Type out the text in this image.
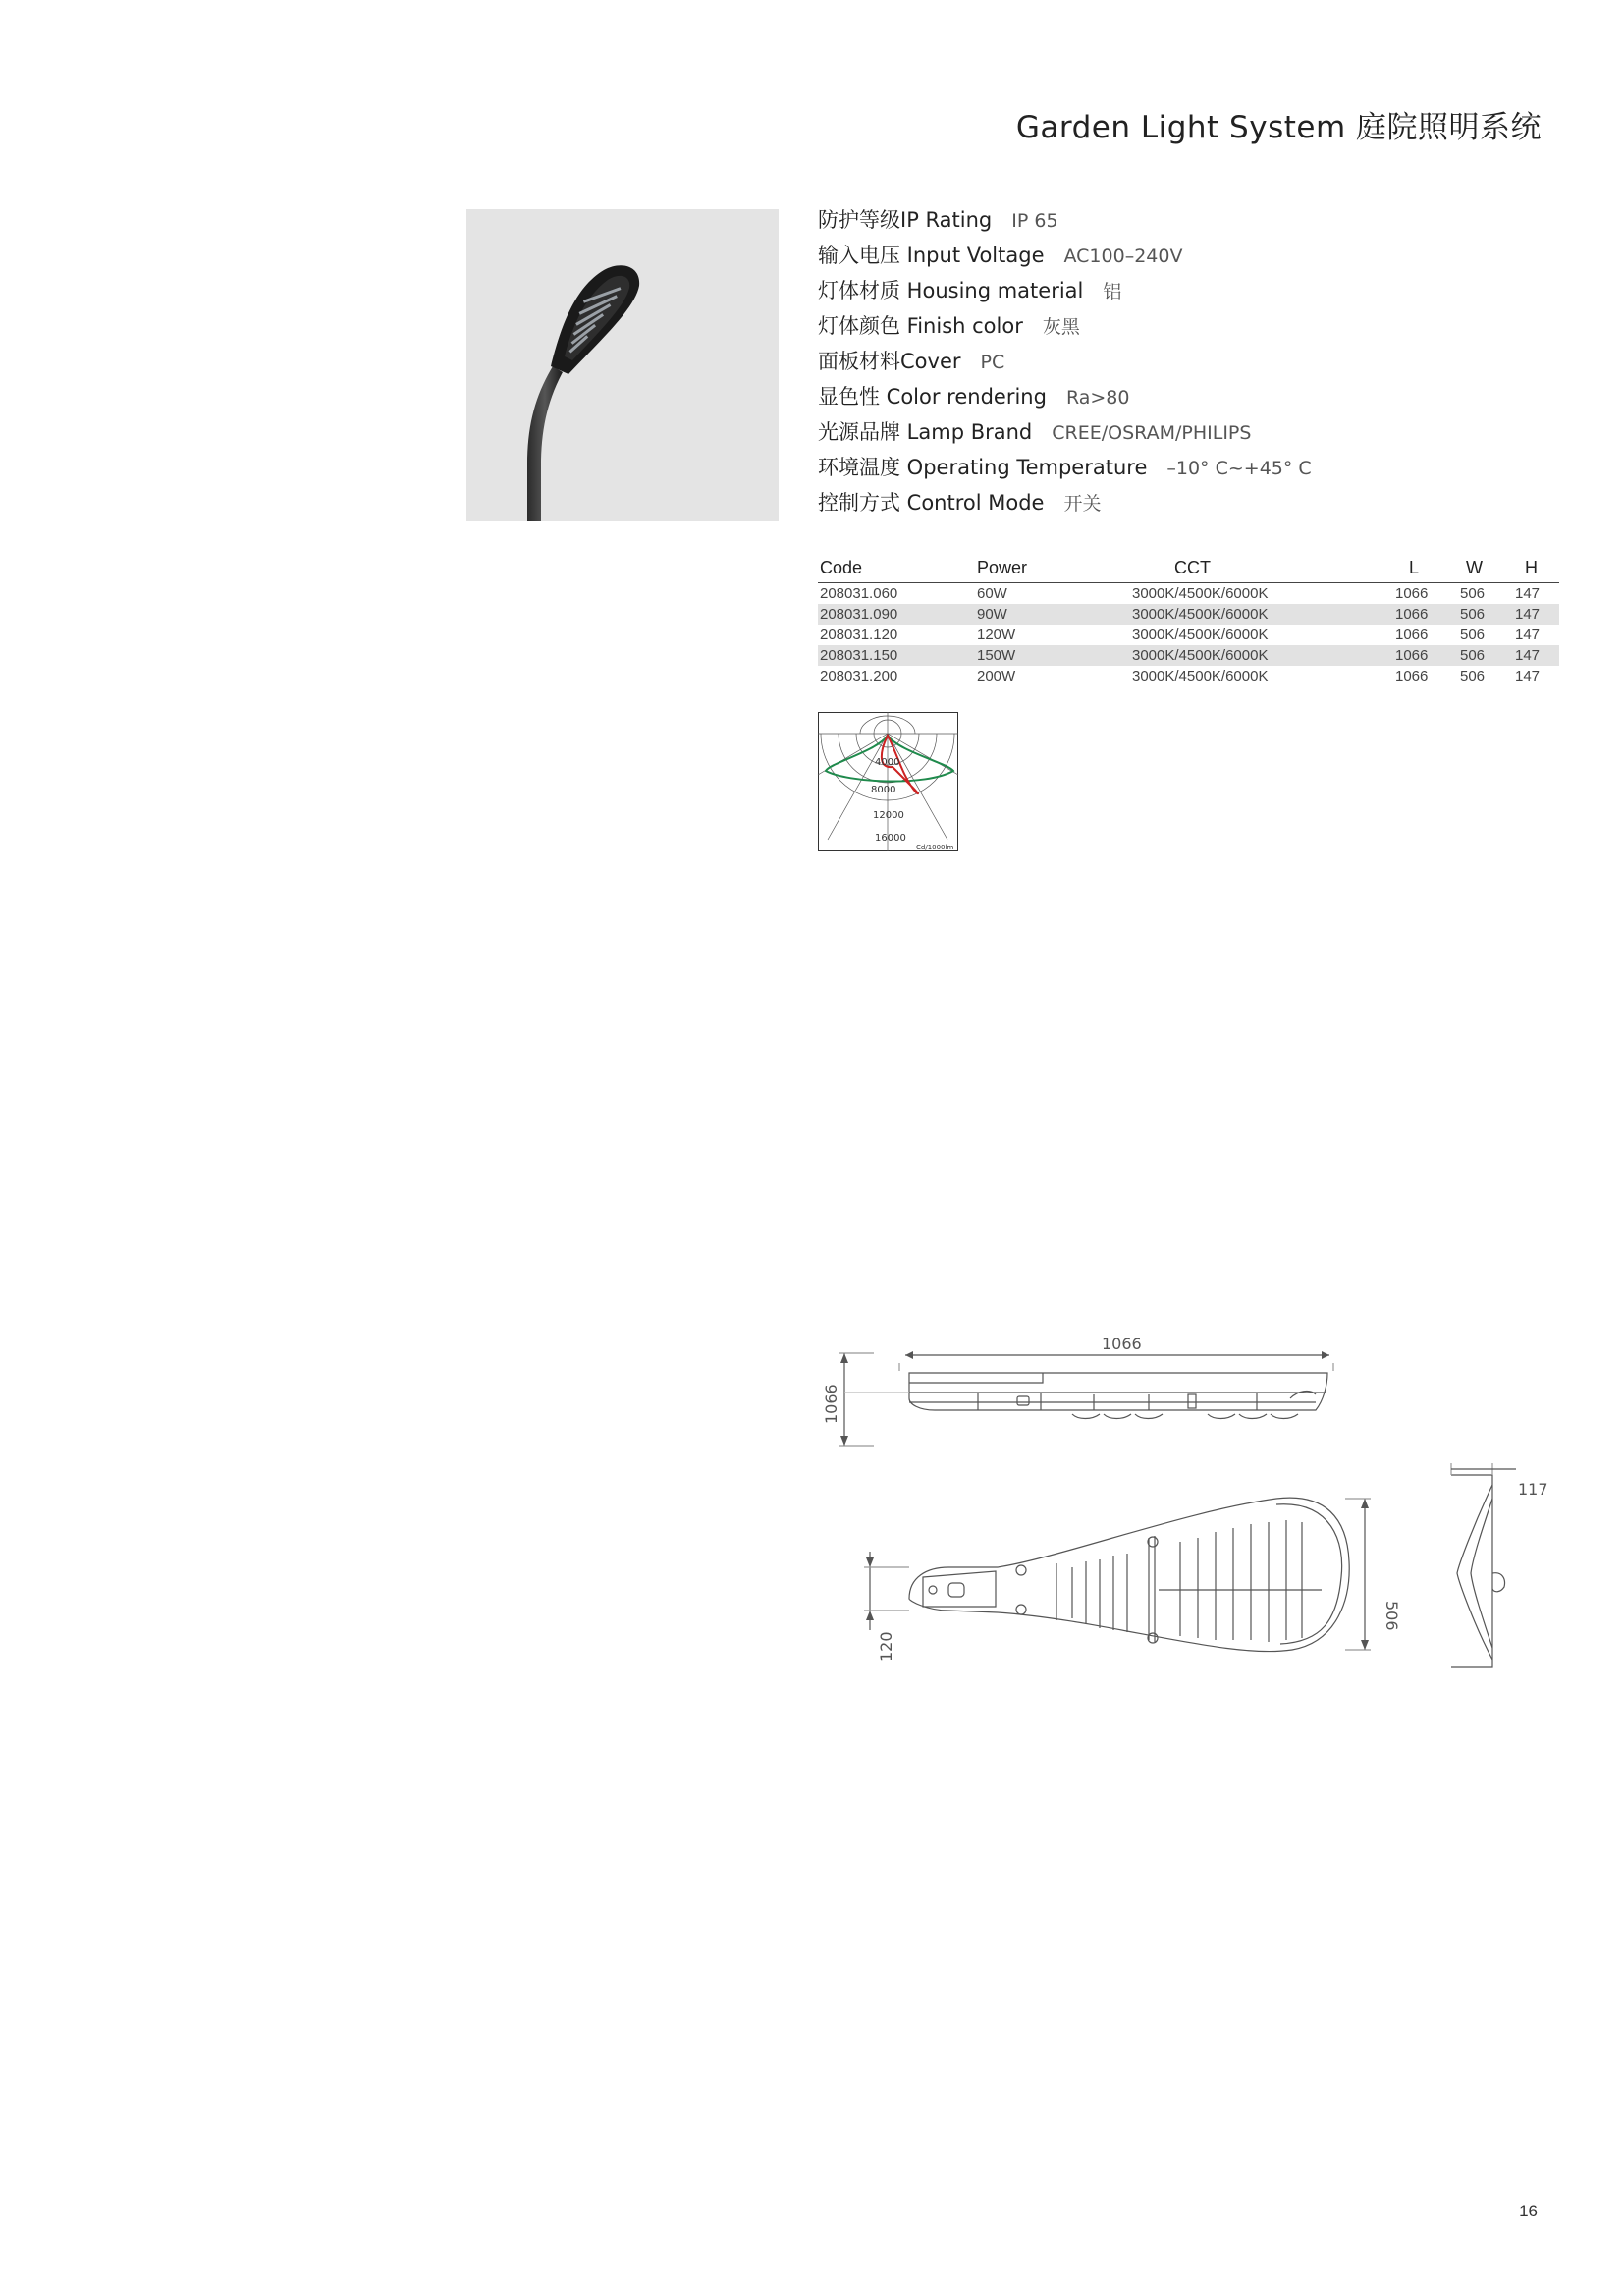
Garden Light System 庭院照明系统
防护等级IP Rating IP 65
输入电压 Input Voltage AC100–240V
灯体材质 Housing material 铝
灯体颜色 Finish color 灰黑
面板材料Cover PC
显色性 Color rendering Ra>80
光源品牌 Lamp Brand CREE/OSRAM/PHILIPS
环境温度 Operating Temperature –10° C~+45° C
控制方式 Control Mode 开关
Code	Power	CCT	L	W	H
208031.060	60W	3000K/4500K/6000K	1066	506	147
208031.090	90W	3000K/4500K/6000K	1066	506	147
208031.120	120W	3000K/4500K/6000K	1066	506	147
208031.150	150W	3000K/4500K/6000K	1066	506	147
208031.200	200W	3000K/4500K/6000K	1066	506	147
4000
8000
12000
16000
Cd/1000lm
1066
1066
506
120
117
16
